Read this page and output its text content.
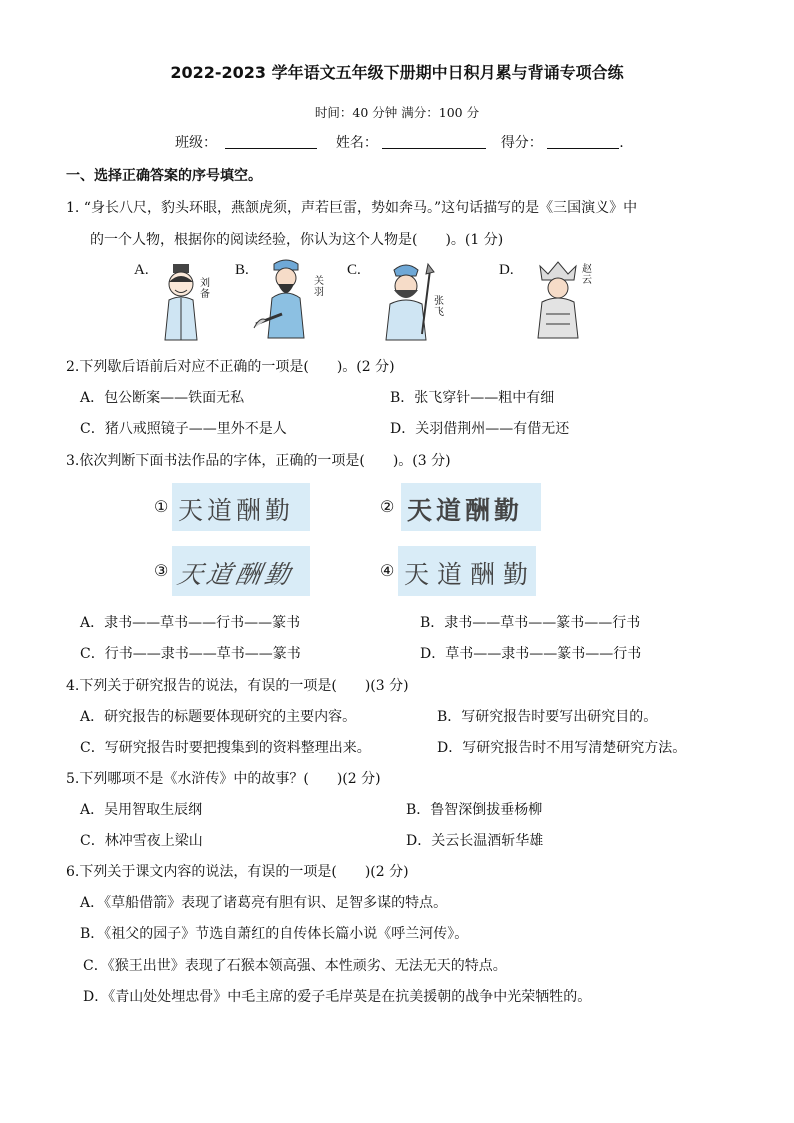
2022-2023 学年语文五年级下册期中日积月累与背诵专项合练
时间：40 分钟 满分：100 分
班级：	姓名：	得分：	.
一、选择正确答案的序号填空。
1. “身长八尺，豹头环眼，燕颔虎须，声若巨雷，势如奔马。”这句话描写的是《三国演义》中
的一个人物，根据你的阅读经验，你认为这个人物是(　　)。(1 分)
A.	B.	C.	D.
刘备
关羽
张飞
赵云
2.下列歇后语前后对应不正确的一项是(　　)。(2 分)
A．包公断案——铁面无私	B．张飞穿针——粗中有细
C．猪八戒照镜子——里外不是人	D．关羽借荆州——有借无还
3.依次判断下面书法作品的字体，正确的一项是(　　)。(3 分)
① 天道酬勤	② 天道酬勤
③ 天道酬勤	④ 天道酬勤
A．隶书——草书——行书——篆书	B．隶书——草书——篆书——行书
C．行书——隶书——草书——篆书	D．草书——隶书——篆书——行书
4.下列关于研究报告的说法，有误的一项是(　　)(3 分)
A．研究报告的标题要体现研究的主要内容。	B．写研究报告时要写出研究目的。
C．写研究报告时要把搜集到的资料整理出来。	D．写研究报告时不用写清楚研究方法。
5.下列哪项不是《水浒传》中的故事？(　　)(2 分)
A．吴用智取生辰纲	B．鲁智深倒拔垂杨柳
C．林冲雪夜上梁山	D．关云长温酒斩华雄
6.下列关于课文内容的说法，有误的一项是(　　)(2 分)
A．《草船借箭》表现了诸葛亮有胆有识、足智多谋的特点。
B．《祖父的园子》节选自萧红的自传体长篇小说《呼兰河传》。
C．《猴王出世》表现了石猴本领高强、本性顽劣、无法无天的特点。
D．《青山处处埋忠骨》中毛主席的爱子毛岸英是在抗美援朝的战争中光荣牺牲的。
